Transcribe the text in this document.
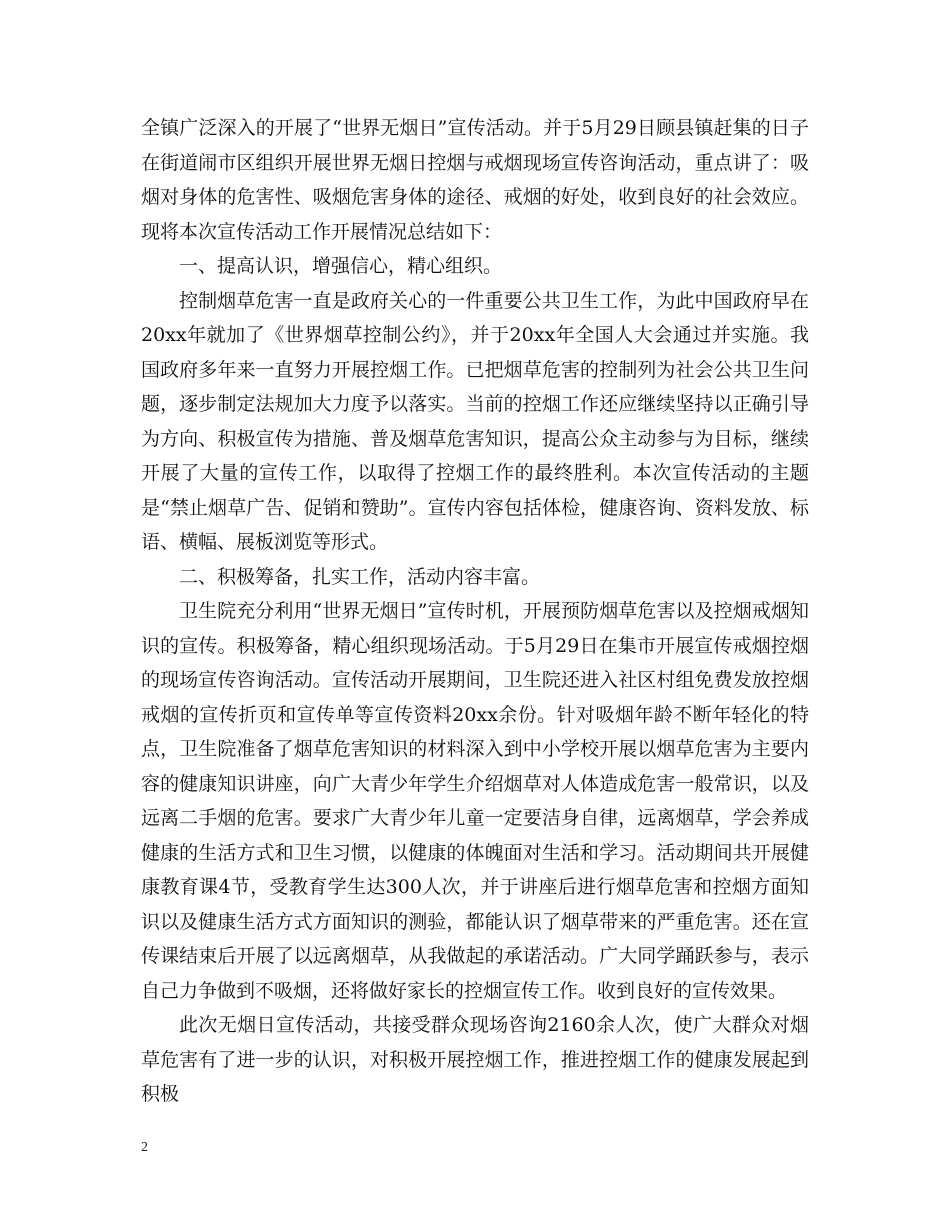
全镇广泛深入的开展了“世界无烟日”宣传活动。并于5月29日顾县镇赶集的日子在街道闹市区组织开展世界无烟日控烟与戒烟现场宣传咨询活动，重点讲了：吸烟对身体的危害性、吸烟危害身体的途径、戒烟的好处，收到良好的社会效应。现将本次宣传活动工作开展情况总结如下：

一、提高认识，增强信心，精心组织。

控制烟草危害一直是政府关心的一件重要公共卫生工作，为此中国政府早在20xx年就加了《世界烟草控制公约》，并于20xx年全国人大会通过并实施。我国政府多年来一直努力开展控烟工作。已把烟草危害的控制列为社会公共卫生问题，逐步制定法规加大力度予以落实。当前的控烟工作还应继续坚持以正确引导为方向、积极宣传为措施、普及烟草危害知识，提高公众主动参与为目标，继续开展了大量的宣传工作，以取得了控烟工作的最终胜利。本次宣传活动的主题是“禁止烟草广告、促销和赞助”。宣传内容包括体检，健康咨询、资料发放、标语、横幅、展板浏览等形式。

二、积极筹备，扎实工作，活动内容丰富。

卫生院充分利用“世界无烟日”宣传时机，开展预防烟草危害以及控烟戒烟知识的宣传。积极筹备，精心组织现场活动。于5月29日在集市开展宣传戒烟控烟的现场宣传咨询活动。宣传活动开展期间，卫生院还进入社区村组免费发放控烟戒烟的宣传折页和宣传单等宣传资料20xx余份。针对吸烟年龄不断年轻化的特点，卫生院准备了烟草危害知识的材料深入到中小学校开展以烟草危害为主要内容的健康知识讲座，向广大青少年学生介绍烟草对人体造成危害一般常识，以及远离二手烟的危害。要求广大青少年儿童一定要洁身自律，远离烟草，学会养成健康的生活方式和卫生习惯，以健康的体魄面对生活和学习。活动期间共开展健康教育课4节，受教育学生达300人次，并于讲座后进行烟草危害和控烟方面知识以及健康生活方式方面知识的测验，都能认识了烟草带来的严重危害。还在宣传课结束后开展了以远离烟草，从我做起的承诺活动。广大同学踊跃参与，表示自己力争做到不吸烟，还将做好家长的控烟宣传工作。收到良好的宣传效果。

此次无烟日宣传活动，共接受群众现场咨询2160余人次，使广大群众对烟草危害有了进一步的认识，对积极开展控烟工作，推进控烟工作的健康发展起到积极

2
